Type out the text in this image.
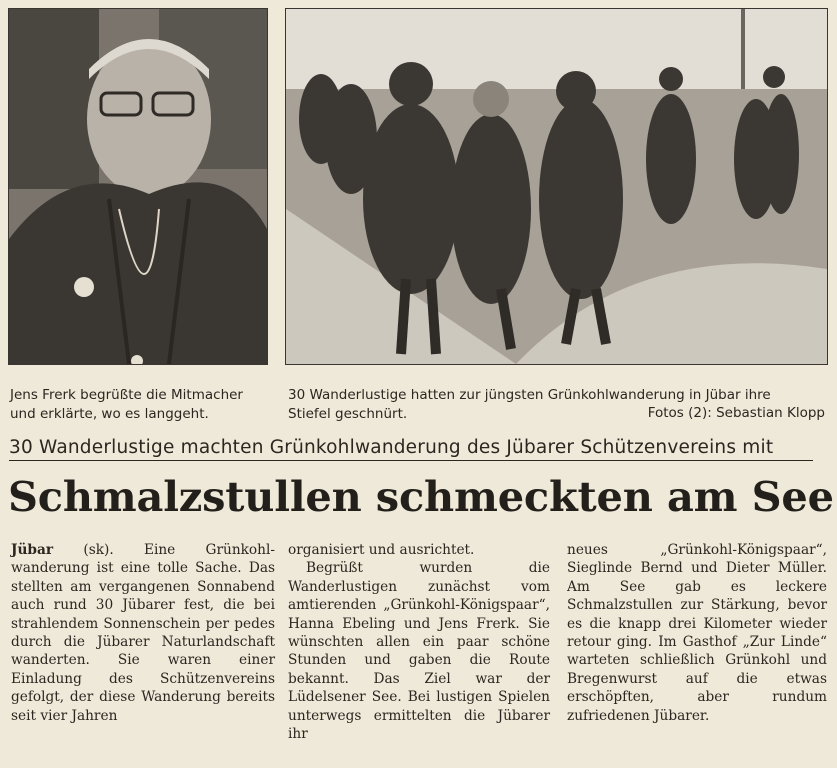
Jens Frerk begrüßte die Mitmacher und erklärte, wo es langgeht.
30 Wanderlustige hatten zur jüngsten Grünkohlwanderung in Jübar ihre Stiefel geschnürt.	Fotos (2): Sebastian Klopp
30 Wanderlustige machten Grünkohlwanderung des Jübarer Schützenvereins mit
Schmalzstullen schmeckten am See
Jübar (sk). Eine Grünkohl- wanderung ist eine tolle Sache. Das stellten am vergangenen Sonnabend auch rund 30 Jübarer fest, die bei strahlendem Sonnenschein per pedes durch die Jübarer Naturlandschaft wanderten. Sie waren einer Einladung des Schützenvereins gefolgt, der diese Wanderung bereits seit vier Jahren
organisiert und ausrichtet.
Begrüßt wurden die Wanderlustigen zunächst vom amtierenden „Grünkohl-Königspaar“, Hanna Ebeling und Jens Frerk. Sie wünschten allen ein paar schöne Stunden und gaben die Route bekannt. Das Ziel war der Lüdelsener See. Bei lustigen Spielen unterwegs ermittelten die Jübarer ihr
neues „Grünkohl-Königspaar“, Sieglinde Bernd und Dieter Müller. Am See gab es leckere Schmalzstullen zur Stärkung, bevor es die knapp drei Kilometer wieder retour ging. Im Gasthof „Zur Linde“ warteten schließlich Grünkohl und Bregenwurst auf die etwas erschöpften, aber rundum zufriedenen Jübarer.
